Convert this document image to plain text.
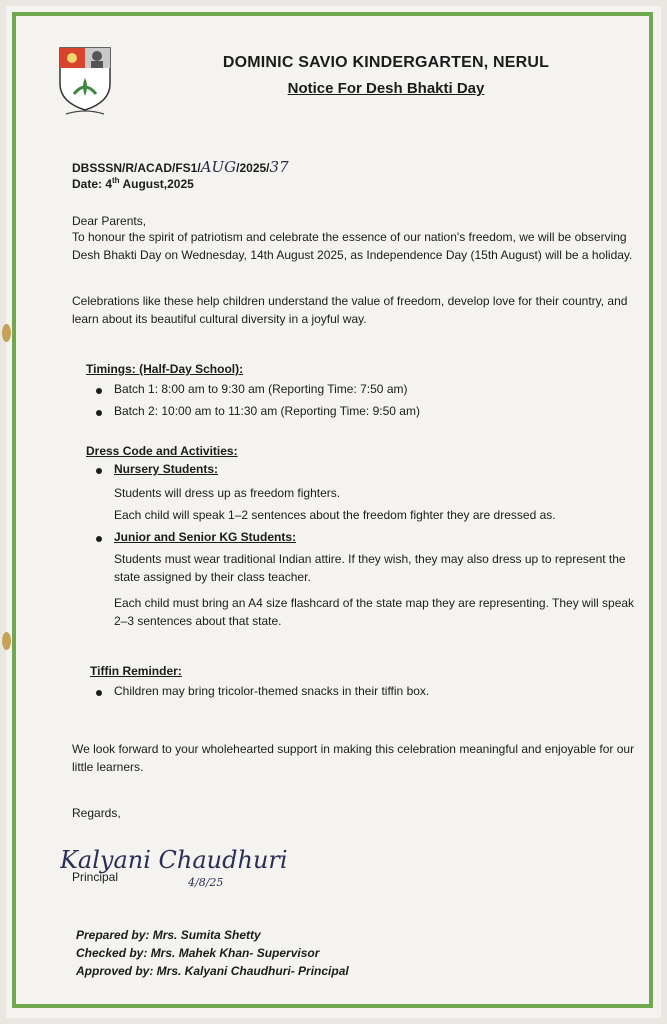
DOMINIC SAVIO KINDERGARTEN, NERUL
Notice For Desh Bhakti Day
DBSSSN/R/ACAD/FS1/AUG/2025/37
Date: 4th August,2025

Dear Parents,

To honour the spirit of patriotism and celebrate the essence of our nation's freedom, we will be observing Desh Bhakti Day on Wednesday, 14th August 2025, as Independence Day (15th August) will be a holiday.

Celebrations like these help children understand the value of freedom, develop love for their country, and learn about its beautiful cultural diversity in a joyful way.

Timings: (Half-Day School):

Batch 1: 8:00 am to 9:30 am (Reporting Time: 7:50 am)

Batch 2: 10:00 am to 11:30 am (Reporting Time: 9:50 am)

Dress Code and Activities:
Nursery Students:

Students will dress up as freedom fighters.

Each child will speak 1–2 sentences about the freedom fighter they are dressed as.

Junior and Senior KG Students:

Students must wear traditional Indian attire. If they wish, they may also dress up to represent the state assigned by their class teacher.

Each child must bring an A4 size flashcard of the state map they are representing. They will speak 2–3 sentences about that state.

Tiffin Reminder:

Children may bring tricolor-themed snacks in their tiffin box.

We look forward to your wholehearted support in making this celebration meaningful and enjoyable for our little learners.

Regards,

Kalyani Chaudhuri
4/8/25

Principal

Prepared by: Mrs. Sumita Shetty
Checked by: Mrs. Mahek Khan- Supervisor
Approved by: Mrs. Kalyani Chaudhuri- Principal
